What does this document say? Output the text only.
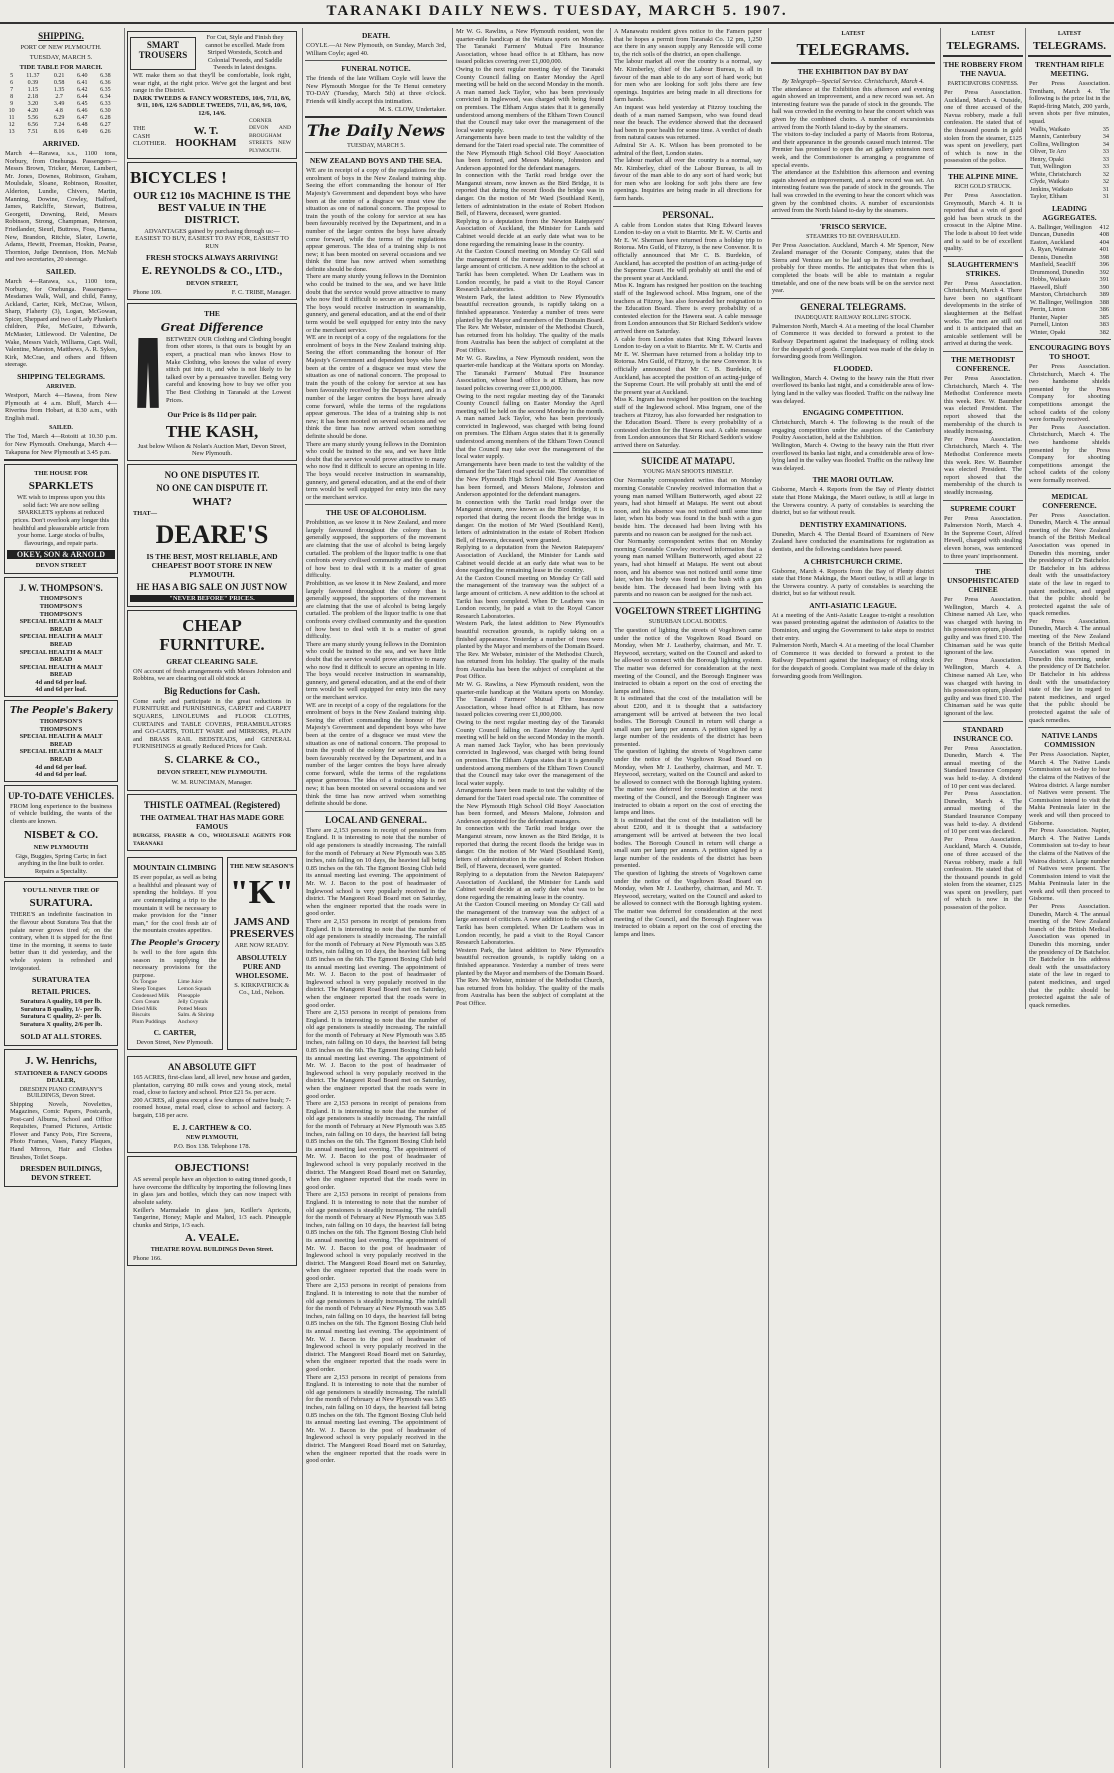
TARANAKI DAILY NEWS. TUESDAY, MARCH 5. 1907.
SHIPPING.
PORT OF NEW PLYMOUTH.
TUESDAY, MARCH 5.
TIDE TABLE FOR MARCH.
5	11.37	0.21	6.40	6.38
6	0.39	0.58	6.41	6.36
7	1.15	1.35	6.42	6.35
8	2.18	2.7	6.44	6.34
9	3.20	3.49	6.45	6.33
10	4.20	4.8	6.46	6.30
11	5.56	6.29	6.47	6.28
12	6.56	7.24	6.48	6.27
13	7.51	8.16	6.49	6.26
ARRIVED.
March 4—Rarawa, s.s., 1100 tons, Norbury, from Onehunga. Passengers—Messrs Brown, Tricker, Mercer, Lambert, Mr. Jones, Downes, Robinson, Graham, Moulsdale, Sloane, Robinson, Rossiter, Alderton, Lundie, Chivers, Martin, Manning, Dowine, Cowley, Halford, James, Ratcliffe, Stewart, Buttress, Georgetti, Downing, Reid, Messrs Robinson, Strong, Champman, Peterson, Friedlander, Sieurl, Buttress, Foss, Hanna, New, Brandon, Ritchie, Slater, Lowrie, Adams, Hewitt, Freeman, Hoskin, Pearse, Thornton, Judge Dennison, Hon. McNab and two secretaries, 20 steerage.
SAILED.
March 4—Rarawa, s.s., 1100 tons, Norbury, for Onehunga. Passengers—Mesdames Walk, Wall, and child, Fanny, Ackland, Carter, Kirk, McCrae, Wilson, Sharp, Flaherty (3), Logan, McGowan, Spicer, Sheppard and two of Lady Plunket's children, Pike, McGuire, Edwards, McMaster, Littlewood. Dr Valentine, De Wake, Messrs Vaich, Williams, Capt. Wall, Valentine, Marston, Matthews, A. R. Sykes, Kirk, McCrae, and others and fifteen steerage.
SHIPPING TELEGRAMS.
ARRIVED.
Westport, March 4—Hawea, from New Plymouth at 4 a.m. Bluff, March 4—Riverina from Hobart, at 8.30 a.m., with English mail.
SAILED.
The Tod, March 4—Rotoiti at 10.30 p.m. for New Plymouth. Onehunga, March 4—Takapuna for New Plymouth at 3.45 p.m.
THE HOUSE FOR
SPARKLETS
WE wish to impress upon you this solid fact: We are now selling SPARKLETS syphons at reduced prices. Don't overlook any longer this healthful and pleasurable article from your home. Large stocks of bulbs, flavourings, and repair parts.
OKEY, SON & ARNOLD
DEVON STREET
J. W. THOMPSON'S.
THOMPSON'S
THOMPSON'S
THOMPSON'S
SPECIAL HEALTH & MALT BREAD
SPECIAL HEALTH & MALT BREAD
SPECIAL HEALTH & MALT BREAD
SPECIAL HEALTH & MALT BREAD
4d and 6d per loaf.
4d and 6d per loaf.
The People's Bakery
THOMPSON'S
THOMPSON'S
SPECIAL HEALTH & MALT BREAD
SPECIAL HEALTH & MALT BREAD
4d and 6d per loaf.
4d and 6d per loaf.
UP-TO-DATE VEHICLES.
FROM long experience to the business of vehicle building, the wants of the clients are known.
NISBET & CO.
NEW PLYMOUTH
Gigs, Buggies, Spring Carts; in fact anything in the line built to order. Repairs a Speciality.
YOU'LL NEVER TIRE OF
SURATURA.
THERE'S an indefinite fascination in the flavour about Suratura Tea that the palate never grows tired of; on the contrary, when it is sipped for the first time in the morning, it seems to taste better than it did yesterday, and the whole system is refreshed and invigorated.
SURATURA TEA
RETAIL PRICES.
Suratura A quality, 1/8 per lb.
Suratura B quality, 1/- per lb.
Suratura C quality, 2/- per lb.
Suratura X quality, 2/6 per lb.
SOLD AT ALL STORES.
J. W. Henrichs,
STATIONER & FANCY GOODS DEALER,
DRESDEN PIANO COMPANY'S BUILDINGS, Devon Street.
Shipping Novels, Novelettes, Magazines, Comic Papers, Postcards, Post-card Albums, School and Office Requisites, Framed Pictures, Artistic Flower and Fancy Pots, Fire Screens, Photo Frames, Vases, Fancy Plaques, Hand Mirrors, Hair and Clothes Brushes, Toilet Soaps.
DRESDEN BUILDINGS, DEVON STREET.
SMART TROUSERS
For Cut, Style and Finish they cannot be excelled. Made from Striped Worsteds, Scotch and Colonial Tweeds, and Saddle Tweeds in latest designs.
WE make them so that they'll be comfortable, look right, wear right, at the right price. We've got the largest and best range in the District.
DARK TWEEDS & FANCY WORSTEDS, 10/6, 7/11, 8/6, 9/11, 10/6, 12/6 SADDLE TWEEDS, 7/11, 8/6, 9/6, 10/6, 12/6, 14/6.
THE CASH CLOTHIER.
W. T. HOOKHAM
CORNER DEVON AND BROUGHAM STREETS NEW PLYMOUTH.
BICYCLES !
OUR £12 10s MACHINE IS THE BEST VALUE IN THE DISTRICT.
ADVANTAGES gained by purchasing through us:— EASIEST TO BUY, EASIEST TO PAY FOR, EASIEST TO RUN
FRESH STOCKS ALWAYS ARRIVING!
E. REYNOLDS & CO., LTD.,
DEVON STREET,
Phone 109.	F. C. TRIBE, Manager.
THE
Great Difference
BETWEEN OUR Clothing and Clothing bought from other stores, is that ours is bought by an expert, a practical man who knows How to Make Clothing, who knows the value of every stitch put into it, and who is not likely to be talked over by a persuasive traveller. Being very careful and knowing how to buy we offer you The Best Clothing in Taranaki at the Lowest Prices.
Our Price is 8s 11d per pair.
THE KASH,
Just below Wilson & Nolan's Auction Mart, Devon Street, New Plymouth.
NO ONE DISPUTES IT.
NO ONE CAN DISPUTE IT.
WHAT?
THAT—
DEARE'S
IS THE BEST, MOST RELIABLE, AND CHEAPEST BOOT STORE IN NEW PLYMOUTH.
HE HAS A BIG SALE ON JUST NOW
"NEVER BEFORE" PRICES.
CHEAP FURNITURE.
GREAT CLEARING SALE.
ON account of fresh arrangements with Messrs Johnston and Robbins, we are clearing out all old stock at
Big Reductions for Cash.
Come early and participate in the great reductions in FURNITURE and FURNISHINGS, CARPET and CARPET SQUARES, LINOLEUMS and FLOOR CLOTHS, CURTAINS and TABLE COVERS, PERAMBULATORS and GO-CARTS, TOILET WARE and MIRRORS, PLAIN and BRASS RAIL BEDSTEADS, and GENERAL FURNISHINGS at greatly Reduced Prices for Cash.
S. CLARKE & CO.,
DEVON STREET, NEW PLYMOUTH.
W. M. RUNCIMAN, Manager.
THISTLE OATMEAL (Registered)
THE OATMEAL THAT HAS MADE GORE FAMOUS
BURGESS, FRASER & CO., WHOLESALE AGENTS FOR TARANAKI
MOUNTAIN CLIMBING
IS ever popular, as well as being a healthful and pleasant way of spending the holidays. If you are contemplating a trip to the mountain it will be necessary to make provision for the "inner man," for the cool fresh air of the mountain creates appetites.
The People's Grocery
Is well to the fore again this season in supplying the necessary provisions for the purpose.
Ox Tongue
Sheep Tongues
Condensed Milk
Corn Cream
Dried Milk
Biscuits
Plum Puddings
Lime Juice
Lemon Squash
Pineapple
Jelly Crystals
Potted Meats
Salm. & Shrimp
Anchovy
C. CARTER,
Devon Street, New Plymouth.
THE NEW SEASON'S
"K"
JAMS AND PRESERVES
ARE NOW READY.
ABSOLUTELY PURE AND WHOLESOME.
S. KIRKPATRICK & Co., Ltd., Nelson.
AN ABSOLUTE GIFT
165 ACRES, first-class land, all level, new house and garden, plantation, carrying 80 milk cows and young stock, metal road, close to factory and school. Price £21 5s. per acre.
200 ACRES, all grass except a few clumps of native bush; 7-roomed house, metal road, close to school and factory. A bargain, £18 per acre.
E. J. CARTHEW & CO.
NEW PLYMOUTH,
P.O. Box 138. Telephone 178.
OBJECTIONS!
AS several people have an objection to eating tinned goods, I have overcome the difficulty by importing the following lines in glass jars and bottles, which they can now inspect with absolute safety.
Keiller's Marmalade in glass jars, Keiller's Apricots, Tangerine, Honey; Maple and Malted, 1/3 each. Pineapple chunks and Strips, 1/3 each.
A. VEALE.
THEATRE ROYAL BUILDINGS Devon Street.
Phone 166.
DEATH.
COYLE.—At New Plymouth, on Sunday, March 3rd, William Coyle; aged 40.
FUNERAL NOTICE.
The friends of the late William Coyle will leave the New Plymouth Morgue for the Te Henui cemetery TO-DAY (Tuesday, March 5th) at three o'clock. Friends will kindly accept this intimation.
M. S. CLOW, Undertaker.
The Daily News
TUESDAY, MARCH 5.
NEW ZEALAND BOYS AND THE SEA.
WE are in receipt of a copy of the regulations for the enrolment of boys in the New Zealand training ship. Seeing the effort commanding the honour of Her Majesty's Government and dependent boys who have been at the centre of a disgrace we must view the situation as one of national concern. The proposal to train the youth of the colony for service at sea has been favourably received by the Department, and in a number of the larger centres the boys have already come forward, while the terms of the regulations appear generous. The idea of a training ship is not new; it has been mooted on several occasions and we think the time has now arrived when something definite should be done.
There are many sturdy young fellows in the Dominion who could be trained to the sea, and we have little doubt that the service would prove attractive to many who now find it difficult to secure an opening in life. The boys would receive instruction in seamanship, gunnery, and general education, and at the end of their term would be well equipped for entry into the navy or the merchant service.
WE are in receipt of a copy of the regulations for the enrolment of boys in the New Zealand training ship. Seeing the effort commanding the honour of Her Majesty's Government and dependent boys who have been at the centre of a disgrace we must view the situation as one of national concern. The proposal to train the youth of the colony for service at sea has been favourably received by the Department, and in a number of the larger centres the boys have already come forward, while the terms of the regulations appear generous. The idea of a training ship is not new; it has been mooted on several occasions and we think the time has now arrived when something definite should be done.
There are many sturdy young fellows in the Dominion who could be trained to the sea, and we have little doubt that the service would prove attractive to many who now find it difficult to secure an opening in life. The boys would receive instruction in seamanship, gunnery, and general education, and at the end of their term would be well equipped for entry into the navy or the merchant service.
THE USE OF ALCOHOLISM.
Prohibition, as we know it in New Zealand, and more largely favoured throughout the colony than is generally supposed, the supporters of the movement are claiming that the use of alcohol is being largely curtailed. The problem of the liquor traffic is one that confronts every civilised community and the question of how best to deal with it is a matter of great difficulty.
Prohibition, as we know it in New Zealand, and more largely favoured throughout the colony than is generally supposed, the supporters of the movement are claiming that the use of alcohol is being largely curtailed. The problem of the liquor traffic is one that confronts every civilised community and the question of how best to deal with it is a matter of great difficulty.
There are many sturdy young fellows in the Dominion who could be trained to the sea, and we have little doubt that the service would prove attractive to many who now find it difficult to secure an opening in life. The boys would receive instruction in seamanship, gunnery, and general education, and at the end of their term would be well equipped for entry into the navy or the merchant service.
WE are in receipt of a copy of the regulations for the enrolment of boys in the New Zealand training ship. Seeing the effort commanding the honour of Her Majesty's Government and dependent boys who have been at the centre of a disgrace we must view the situation as one of national concern. The proposal to train the youth of the colony for service at sea has been favourably received by the Department, and in a number of the larger centres the boys have already come forward, while the terms of the regulations appear generous. The idea of a training ship is not new; it has been mooted on several occasions and we think the time has now arrived when something definite should be done.
LOCAL AND GENERAL.
There are 2,153 persons in receipt of pensions from England. It is interesting to note that the number of old age pensioners is steadily increasing. The rainfall for the month of February at New Plymouth was 3.85 inches, rain falling on 10 days, the heaviest fall being 0.85 inches on the 6th. The Egmont Boxing Club held its annual meeting last evening. The appointment of Mr. W. J. Bacon to the post of headmaster of Inglewood school is very popularly received in the district. The Mangorei Road Board met on Saturday, when the engineer reported that the roads were in good order.
There are 2,153 persons in receipt of pensions from England. It is interesting to note that the number of old age pensioners is steadily increasing. The rainfall for the month of February at New Plymouth was 3.85 inches, rain falling on 10 days, the heaviest fall being 0.85 inches on the 6th. The Egmont Boxing Club held its annual meeting last evening. The appointment of Mr. W. J. Bacon to the post of headmaster of Inglewood school is very popularly received in the district. The Mangorei Road Board met on Saturday, when the engineer reported that the roads were in good order.
There are 2,153 persons in receipt of pensions from England. It is interesting to note that the number of old age pensioners is steadily increasing. The rainfall for the month of February at New Plymouth was 3.85 inches, rain falling on 10 days, the heaviest fall being 0.85 inches on the 6th. The Egmont Boxing Club held its annual meeting last evening. The appointment of Mr. W. J. Bacon to the post of headmaster of Inglewood school is very popularly received in the district. The Mangorei Road Board met on Saturday, when the engineer reported that the roads were in good order.
There are 2,153 persons in receipt of pensions from England. It is interesting to note that the number of old age pensioners is steadily increasing. The rainfall for the month of February at New Plymouth was 3.85 inches, rain falling on 10 days, the heaviest fall being 0.85 inches on the 6th. The Egmont Boxing Club held its annual meeting last evening. The appointment of Mr. W. J. Bacon to the post of headmaster of Inglewood school is very popularly received in the district. The Mangorei Road Board met on Saturday, when the engineer reported that the roads were in good order.
There are 2,153 persons in receipt of pensions from England. It is interesting to note that the number of old age pensioners is steadily increasing. The rainfall for the month of February at New Plymouth was 3.85 inches, rain falling on 10 days, the heaviest fall being 0.85 inches on the 6th. The Egmont Boxing Club held its annual meeting last evening. The appointment of Mr. W. J. Bacon to the post of headmaster of Inglewood school is very popularly received in the district. The Mangorei Road Board met on Saturday, when the engineer reported that the roads were in good order.
There are 2,153 persons in receipt of pensions from England. It is interesting to note that the number of old age pensioners is steadily increasing. The rainfall for the month of February at New Plymouth was 3.85 inches, rain falling on 10 days, the heaviest fall being 0.85 inches on the 6th. The Egmont Boxing Club held its annual meeting last evening. The appointment of Mr. W. J. Bacon to the post of headmaster of Inglewood school is very popularly received in the district. The Mangorei Road Board met on Saturday, when the engineer reported that the roads were in good order.
There are 2,153 persons in receipt of pensions from England. It is interesting to note that the number of old age pensioners is steadily increasing. The rainfall for the month of February at New Plymouth was 3.85 inches, rain falling on 10 days, the heaviest fall being 0.85 inches on the 6th. The Egmont Boxing Club held its annual meeting last evening. The appointment of Mr. W. J. Bacon to the post of headmaster of Inglewood school is very popularly received in the district. The Mangorei Road Board met on Saturday, when the engineer reported that the roads were in good order.
Mr W. G. Rawlins, a New Plymouth resident, won the quarter-mile handicap at the Waitara sports on Monday. The Taranaki Farmers' Mutual Fire Insurance Association, whose head office is at Eltham, has now issued policies covering over £1,000,000.
Owing to the next regular meeting day of the Taranaki County Council falling on Easter Monday the April meeting will be held on the second Monday in the month. A man named Jack Taylor, who has been previously convicted in Inglewood, was charged with being found on premises. The Eltham Argus states that it is generally understood among members of the Eltham Town Council that the Council may take over the management of the local water supply.
Arrangements have been made to test the validity of the demand for the Taieri road special rate. The committee of the New Plymouth High School Old Boys' Association has been formed, and Messrs Malone, Johnston and Anderson appointed for the defendant managers.
In connection with the Tariki road bridge over the Manganui stream, now known as the Bird Bridge, it is reported that during the recent floods the bridge was in danger. On the motion of Mr Ward (Southland Kent), letters of administration in the estate of Robert Hodson Bell, of Hawera, deceased, were granted.
Replying to a deputation from the Newton Ratepayers' Association of Auckland, the Minister for Lands said Cabinet would decide at an early date what was to be done regarding the remaining lease in the country.
At the Caxton Council meeting on Monday Cr Gill said the management of the tramway was the subject of a large amount of criticism. A new addition to the school at Tariki has been completed. When Dr Leathem was in London recently, he paid a visit to the Royal Cancer Research Laboratories.
Western Park, the latest addition to New Plymouth's beautiful recreation grounds, is rapidly taking on a finished appearance. Yesterday a number of trees were planted by the Mayor and members of the Domain Board. The Rev. Mr Webster, minister of the Methodist Church, has returned from his holiday. The quality of the mails from Australia has been the subject of complaint at the Post Office.
Mr W. G. Rawlins, a New Plymouth resident, won the quarter-mile handicap at the Waitara sports on Monday. The Taranaki Farmers' Mutual Fire Insurance Association, whose head office is at Eltham, has now issued policies covering over £1,000,000.
Owing to the next regular meeting day of the Taranaki County Council falling on Easter Monday the April meeting will be held on the second Monday in the month. A man named Jack Taylor, who has been previously convicted in Inglewood, was charged with being found on premises. The Eltham Argus states that it is generally understood among members of the Eltham Town Council that the Council may take over the management of the local water supply.
Arrangements have been made to test the validity of the demand for the Taieri road special rate. The committee of the New Plymouth High School Old Boys' Association has been formed, and Messrs Malone, Johnston and Anderson appointed for the defendant managers.
In connection with the Tariki road bridge over the Manganui stream, now known as the Bird Bridge, it is reported that during the recent floods the bridge was in danger. On the motion of Mr Ward (Southland Kent), letters of administration in the estate of Robert Hodson Bell, of Hawera, deceased, were granted.
Replying to a deputation from the Newton Ratepayers' Association of Auckland, the Minister for Lands said Cabinet would decide at an early date what was to be done regarding the remaining lease in the country.
At the Caxton Council meeting on Monday Cr Gill said the management of the tramway was the subject of a large amount of criticism. A new addition to the school at Tariki has been completed. When Dr Leathem was in London recently, he paid a visit to the Royal Cancer Research Laboratories.
Western Park, the latest addition to New Plymouth's beautiful recreation grounds, is rapidly taking on a finished appearance. Yesterday a number of trees were planted by the Mayor and members of the Domain Board. The Rev. Mr Webster, minister of the Methodist Church, has returned from his holiday. The quality of the mails from Australia has been the subject of complaint at the Post Office.
Mr W. G. Rawlins, a New Plymouth resident, won the quarter-mile handicap at the Waitara sports on Monday. The Taranaki Farmers' Mutual Fire Insurance Association, whose head office is at Eltham, has now issued policies covering over £1,000,000.
Owing to the next regular meeting day of the Taranaki County Council falling on Easter Monday the April meeting will be held on the second Monday in the month. A man named Jack Taylor, who has been previously convicted in Inglewood, was charged with being found on premises. The Eltham Argus states that it is generally understood among members of the Eltham Town Council that the Council may take over the management of the local water supply.
Arrangements have been made to test the validity of the demand for the Taieri road special rate. The committee of the New Plymouth High School Old Boys' Association has been formed, and Messrs Malone, Johnston and Anderson appointed for the defendant managers.
In connection with the Tariki road bridge over the Manganui stream, now known as the Bird Bridge, it is reported that during the recent floods the bridge was in danger. On the motion of Mr Ward (Southland Kent), letters of administration in the estate of Robert Hodson Bell, of Hawera, deceased, were granted.
Replying to a deputation from the Newton Ratepayers' Association of Auckland, the Minister for Lands said Cabinet would decide at an early date what was to be done regarding the remaining lease in the country.
At the Caxton Council meeting on Monday Cr Gill said the management of the tramway was the subject of a large amount of criticism. A new addition to the school at Tariki has been completed. When Dr Leathem was in London recently, he paid a visit to the Royal Cancer Research Laboratories.
Western Park, the latest addition to New Plymouth's beautiful recreation grounds, is rapidly taking on a finished appearance. Yesterday a number of trees were planted by the Mayor and members of the Domain Board. The Rev. Mr Webster, minister of the Methodist Church, has returned from his holiday. The quality of the mails from Australia has been the subject of complaint at the Post Office.
A Manawatu resident gives notice to the Famers paper that he hopes a permit from Taranaki Co. 12 pm, 1,250 ace there in any season supply any Renoside will come to, the rich soils of the district, an open challenge.
The labour market all over the country is a normal, say Mr. Kimberley, chief of the Labour Bureau, is all in favour of the man able to do any sort of hard work; but for men who are looking for soft jobs there are few openings. Inquiries are being made in all directions for farm hands.
An inquest was held yesterday at Fitzroy touching the death of a man named Sampson, who was found dead near the beach. The evidence showed that the deceased had been in poor health for some time. A verdict of death from natural causes was returned.
Admiral Sir A. K. Wilson has been promoted to be admiral of the fleet, London states.
The labour market all over the country is a normal, say Mr. Kimberley, chief of the Labour Bureau, is all in favour of the man able to do any sort of hard work; but for men who are looking for soft jobs there are few openings. Inquiries are being made in all directions for farm hands.
PERSONAL.
A cable from London states that King Edward leaves London to-day on a visit to Biarritz. Mr E. W. Curtis and Mr E. W. Sherman have returned from a holiday trip to Rotorua. Mrs Guild, of Fitzroy, is the new Convenor. It is officially announced that Mr C. B. Burdekin, of Auckland, has accepted the position of an acting-judge of the Supreme Court. He will probably sit until the end of the present year at Auckland.
Miss K. Ingram has resigned her position on the teaching staff of the Inglewood school. Miss Ingram, one of the teachers at Fitzroy, has also forwarded her resignation to the Education Board. There is every probability of a contested election for the Hawera seat. A cable message from London announces that Sir Richard Seddon's widow arrived there on Saturday.
A cable from London states that King Edward leaves London to-day on a visit to Biarritz. Mr E. W. Curtis and Mr E. W. Sherman have returned from a holiday trip to Rotorua. Mrs Guild, of Fitzroy, is the new Convenor. It is officially announced that Mr C. B. Burdekin, of Auckland, has accepted the position of an acting-judge of the Supreme Court. He will probably sit until the end of the present year at Auckland.
Miss K. Ingram has resigned her position on the teaching staff of the Inglewood school. Miss Ingram, one of the teachers at Fitzroy, has also forwarded her resignation to the Education Board. There is every probability of a contested election for the Hawera seat. A cable message from London announces that Sir Richard Seddon's widow arrived there on Saturday.
SUICIDE AT MATAPU.
YOUNG MAN SHOOTS HIMSELF.
Our Normanby correspondent writes that on Monday morning Constable Crawley received information that a young man named William Butterworth, aged about 22 years, had shot himself at Matapu. He went out about noon, and his absence was not noticed until some time later, when his body was found in the bush with a gun beside him. The deceased had been living with his parents and no reason can be assigned for the rash act.
Our Normanby correspondent writes that on Monday morning Constable Crawley received information that a young man named William Butterworth, aged about 22 years, had shot himself at Matapu. He went out about noon, and his absence was not noticed until some time later, when his body was found in the bush with a gun beside him. The deceased had been living with his parents and no reason can be assigned for the rash act.
VOGELTOWN STREET LIGHTING
SUBURBAN LOCAL BODIES.
The question of lighting the streets of Vogeltown came under the notice of the Vogeltown Road Board on Monday, when Mr J. Leatherby, chairman, and Mr. T. Heywood, secretary, waited on the Council and asked to be allowed to connect with the Borough lighting system. The matter was deferred for consideration at the next meeting of the Council, and the Borough Engineer was instructed to obtain a report on the cost of erecting the lamps and lines.
It is estimated that the cost of the installation will be about £200, and it is thought that a satisfactory arrangement will be arrived at between the two local bodies. The Borough Council in return will charge a small sum per lamp per annum. A petition signed by a large number of the residents of the district has been presented.
The question of lighting the streets of Vogeltown came under the notice of the Vogeltown Road Board on Monday, when Mr J. Leatherby, chairman, and Mr. T. Heywood, secretary, waited on the Council and asked to be allowed to connect with the Borough lighting system. The matter was deferred for consideration at the next meeting of the Council, and the Borough Engineer was instructed to obtain a report on the cost of erecting the lamps and lines.
It is estimated that the cost of the installation will be about £200, and it is thought that a satisfactory arrangement will be arrived at between the two local bodies. The Borough Council in return will charge a small sum per lamp per annum. A petition signed by a large number of the residents of the district has been presented.
The question of lighting the streets of Vogeltown came under the notice of the Vogeltown Road Board on Monday, when Mr J. Leatherby, chairman, and Mr. T. Heywood, secretary, waited on the Council and asked to be allowed to connect with the Borough lighting system. The matter was deferred for consideration at the next meeting of the Council, and the Borough Engineer was instructed to obtain a report on the cost of erecting the lamps and lines.
LATEST
TELEGRAMS.
THE EXHIBITION DAY BY DAY
By Telegraph—Special Service. Christchurch, March 4.
The attendance at the Exhibition this afternoon and evening again showed an improvement, and a new record was set. An interesting feature was the parade of stock in the grounds. The hall was crowded in the evening to hear the concert which was given by the combined choirs. A number of excursionists arrived from the North Island to-day by the steamers.
The visitors to-day included a party of Maoris from Rotorua, and their appearance in the grounds caused much interest. The Premier has promised to open the art gallery extension next week, and the Commissioner is arranging a programme of special events.
The attendance at the Exhibition this afternoon and evening again showed an improvement, and a new record was set. An interesting feature was the parade of stock in the grounds. The hall was crowded in the evening to hear the concert which was given by the combined choirs. A number of excursionists arrived from the North Island to-day by the steamers.
'FRISCO SERVICE.
STEAMERS TO BE OVERHAULED.
Per Press Association. Auckland, March 4. Mr Spencer, New Zealand manager of the Oceanic Company, states that the Sierra and Ventura are to be laid up in Frisco for overhaul, probably for three months. He anticipates that when this is completed the boats will be able to maintain a regular timetable, and one of the new boats will be on the service next year.
GENERAL TELEGRAMS.
INADEQUATE RAILWAY ROLLING STOCK.
Palmerston North, March 4. At a meeting of the local Chamber of Commerce it was decided to forward a protest to the Railway Department against the inadequacy of rolling stock for the despatch of goods. Complaint was made of the delay in forwarding goods from Wellington.
FLOODED.
Wellington, March 4. Owing to the heavy rain the Hutt river overflowed its banks last night, and a considerable area of low-lying land in the valley was flooded. Traffic on the railway line was delayed.
ENGAGING COMPETITION.
Christchurch, March 4. The following is the result of the engaging competition under the auspices of the Canterbury Poultry Association, held at the Exhibition.
Wellington, March 4. Owing to the heavy rain the Hutt river overflowed its banks last night, and a considerable area of low-lying land in the valley was flooded. Traffic on the railway line was delayed.
THE MAORI OUTLAW.
Gisborne, March 4. Reports from the Bay of Plenty district state that Hone Makinga, the Maori outlaw, is still at large in the Urewera country. A party of constables is searching the district, but so far without result.
DENTISTRY EXAMINATIONS.
Dunedin, March 4. The Dental Board of Examiners of New Zealand have conducted the examinations for registration as dentists, and the following candidates have passed.
A CHRISTCHURCH CRIME.
Gisborne, March 4. Reports from the Bay of Plenty district state that Hone Makinga, the Maori outlaw, is still at large in the Urewera country. A party of constables is searching the district, but so far without result.
ANTI-ASIATIC LEAGUE.
At a meeting of the Anti-Asiatic League to-night a resolution was passed protesting against the admission of Asiatics to the Dominion, and urging the Government to take steps to restrict their entry.
Palmerston North, March 4. At a meeting of the local Chamber of Commerce it was decided to forward a protest to the Railway Department against the inadequacy of rolling stock for the despatch of goods. Complaint was made of the delay in forwarding goods from Wellington.
LATEST
TELEGRAMS.
THE ROBBERY FROM THE NAVUA.
PARTICIPATORS CONFESS.
Per Press Association. Auckland, March 4. Outside, one of three accused of the Navua robbery, made a full confession. He stated that of the thousand pounds in gold stolen from the steamer, £125 was spent on jewellery, part of which is now in the possession of the police.
THE ALPINE MINE.
RICH GOLD STRUCK.
Per Press Association. Greymouth, March 4. It is reported that a vein of good gold has been struck in the crosscut in the Alpine Mine. The lode is about 10 feet wide and is said to be of excellent quality.
SLAUGHTERMEN'S STRIKES.
Per Press Association. Christchurch, March 4. There have been no significant developments in the strike of slaughtermen at the Belfast works. The men are still out and it is anticipated that an amicable settlement will be arrived at during the week.
THE METHODIST CONFERENCE.
Per Press Association. Christchurch, March 4. The Methodist Conference meets this week. Rev. W. Baumber was elected President. The report showed that the membership of the church is steadily increasing.
Per Press Association. Christchurch, March 4. The Methodist Conference meets this week. Rev. W. Baumber was elected President. The report showed that the membership of the church is steadily increasing.
SUPREME COURT
Per Press Association. Palmerston North, March 4. In the Supreme Court, Alfred Hewell, charged with stealing eleven horses, was sentenced to three years' imprisonment.
THE UNSOPHISTICATED CHINEE
Per Press Association. Wellington, March 4. A Chinese named Ah Lee, who was charged with having in his possession opium, pleaded guilty and was fined £10. The Chinaman said he was quite ignorant of the law.
Per Press Association. Wellington, March 4. A Chinese named Ah Lee, who was charged with having in his possession opium, pleaded guilty and was fined £10. The Chinaman said he was quite ignorant of the law.
STANDARD INSURANCE CO.
Per Press Association. Dunedin, March 4. The annual meeting of the Standard Insurance Company was held to-day. A dividend of 10 per cent was declared.
Per Press Association. Dunedin, March 4. The annual meeting of the Standard Insurance Company was held to-day. A dividend of 10 per cent was declared.
Per Press Association. Auckland, March 4. Outside, one of three accused of the Navua robbery, made a full confession. He stated that of the thousand pounds in gold stolen from the steamer, £125 was spent on jewellery, part of which is now in the possession of the police.
LATEST
TELEGRAMS.
TRENTHAM RIFLE MEETING.
Per Press Association. Trentham, March 4. The following is the prize list in the Rapid-firing Match, 200 yards, seven shots per five minutes, squad.
Wallis, Waikato	35
Mannix, Canterbury	34
Collins, Wellington	34
Oliver, Te Aro	33
Henry, Opaki	33
Tutt, Wellington	33
White, Christchurch	32
Clyde, Waikato	32
Jenkins, Waikato	31
Taylor, Eltham	31
LEADING AGGREGATES.
A. Ballinger, Wellington 412
Duncan, Dunedin	408
Easton, Auckland	404
A. Ryan, Waimate	401
Dennis, Dunedin	398
Manfield, Seacliff	396
Drummond, Dunedin 392
Hobbs, Waikato	391
Haswell, Bluff	390
Marston, Christchurch 389
W. Ballinger, Wellington 388
Perrin, Linton	386
Hunter, Napier	385
Purnell, Linton	383
Winter, Opaki	382
ENCOURAGING BOYS TO SHOOT.
Per Press Association. Christchurch, March 4. The two handsome shields presented by the Press Company for shooting competitions amongst the school cadets of the colony were formally received.
Per Press Association. Christchurch, March 4. The two handsome shields presented by the Press Company for shooting competitions amongst the school cadets of the colony were formally received.
MEDICAL CONFERENCE.
Per Press Association. Dunedin, March 4. The annual meeting of the New Zealand branch of the British Medical Association was opened in Dunedin this morning, under the presidency of Dr Batchelor. Dr Batchelor in his address dealt with the unsatisfactory state of the law in regard to patent medicines, and urged that the public should be protected against the sale of quack remedies.
Per Press Association. Dunedin, March 4. The annual meeting of the New Zealand branch of the British Medical Association was opened in Dunedin this morning, under the presidency of Dr Batchelor. Dr Batchelor in his address dealt with the unsatisfactory state of the law in regard to patent medicines, and urged that the public should be protected against the sale of quack remedies.
NATIVE LANDS COMMISSION
Per Press Association. Napier, March 4. The Native Lands Commission sat to-day to hear the claims of the Natives of the Wairoa district. A large number of Natives were present. The Commission intend to visit the Mahia Peninsula later in the week and will then proceed to Gisborne.
Per Press Association. Napier, March 4. The Native Lands Commission sat to-day to hear the claims of the Natives of the Wairoa district. A large number of Natives were present. The Commission intend to visit the Mahia Peninsula later in the week and will then proceed to Gisborne.
Per Press Association. Dunedin, March 4. The annual meeting of the New Zealand branch of the British Medical Association was opened in Dunedin this morning, under the presidency of Dr Batchelor. Dr Batchelor in his address dealt with the unsatisfactory state of the law in regard to patent medicines, and urged that the public should be protected against the sale of quack remedies.
